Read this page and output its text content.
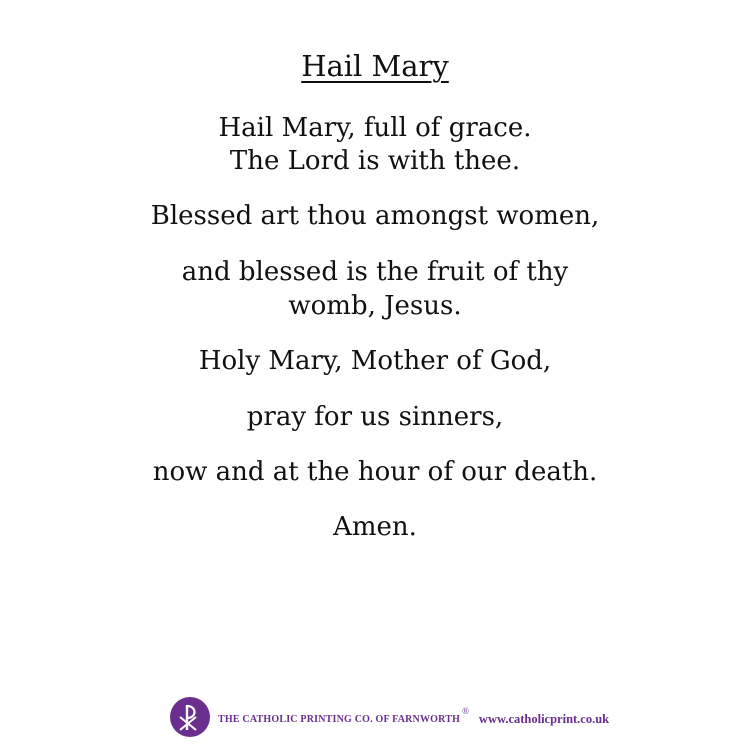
Hail Mary
Hail Mary, full of grace.
The Lord is with thee.
Blessed art thou amongst women,
and blessed is the fruit of thy
womb, Jesus.
Holy Mary, Mother of God,
pray for us sinners,
now and at the hour of our death.
Amen.
THE CATHOLIC PRINTING CO. OF FARNWORTH
®
www.catholicprint.co.uk
